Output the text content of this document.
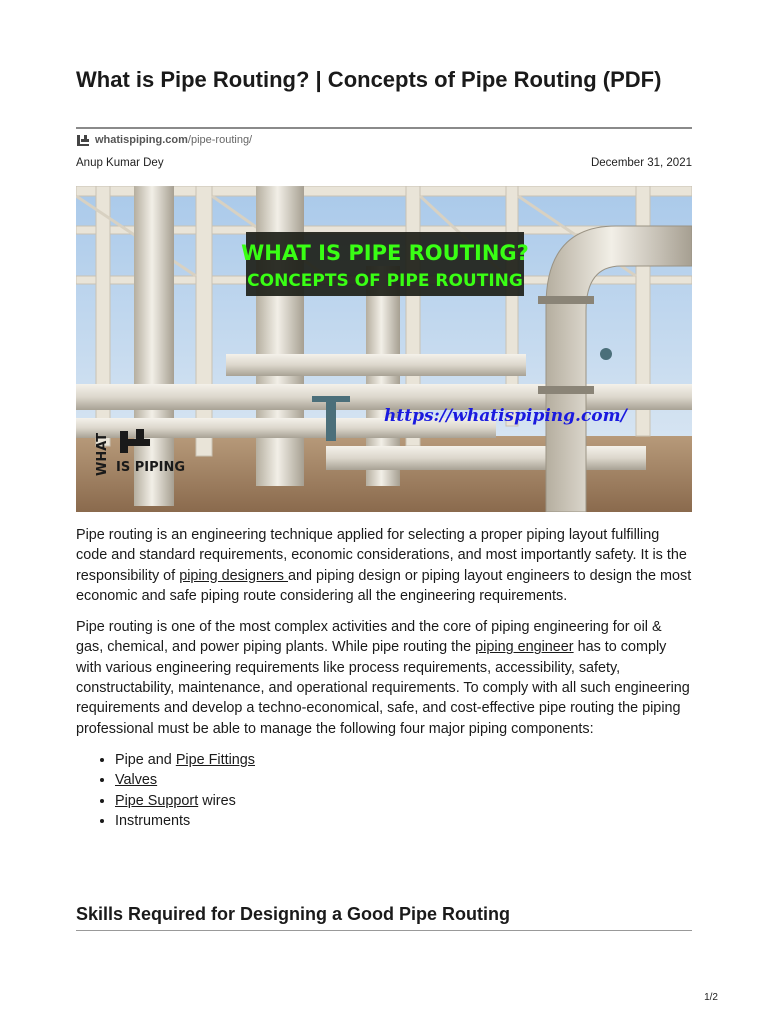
What is Pipe Routing? | Concepts of Pipe Routing (PDF)
whatispiping.com /pipe-routing/
Anup Kumar Dey	December 31, 2021
WHAT IS PIPE ROUTING?
CONCEPTS OF PIPE ROUTING
https://whatispiping.com/
WHAT IS PIPING

Pipe routing is an engineering technique applied for selecting a proper piping layout fulfilling code and standard requirements, economic considerations, and most importantly safety. It is the responsibility of piping designers and piping design or piping layout engineers to design the most economic and safe piping route considering all the engineering requirements.

Pipe routing is one of the most complex activities and the core of piping engineering for oil & gas, chemical, and power piping plants. While pipe routing the piping engineer has to comply with various engineering requirements like process requirements, accessibility, safety, constructability, maintenance, and operational requirements. To comply with all such engineering requirements and develop a techno-economical, safe, and cost-effective pipe routing the piping professional must be able to manage the following four major piping components:

• Pipe and Pipe Fittings
• Valves
• Pipe Support wires
• Instruments
Skills Required for Designing a Good Pipe Routing
1/2
